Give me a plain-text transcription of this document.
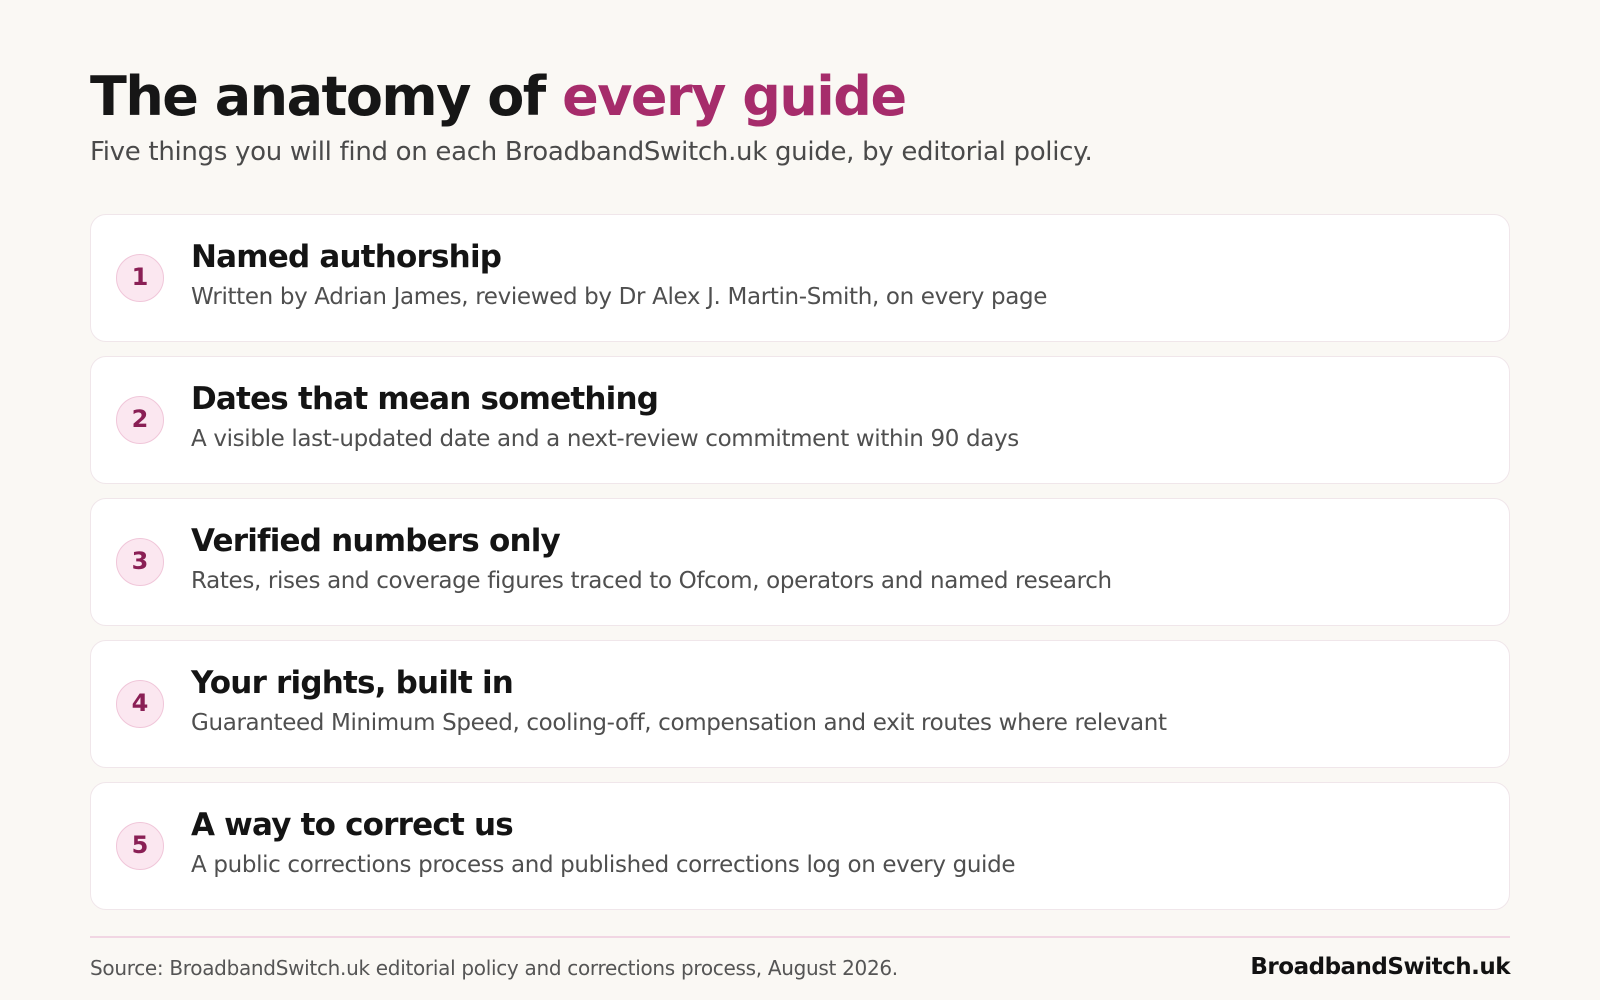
The anatomy of every guide

Five things you will find on each BroadbandSwitch.uk guide, by editorial policy.

1
Named authorship

Written by Adrian James, reviewed by Dr Alex J. Martin-Smith, on every page

2
Dates that mean something

A visible last-updated date and a next-review commitment within 90 days

3
Verified numbers only

Rates, rises and coverage figures traced to Ofcom, operators and named research

4
Your rights, built in

Guaranteed Minimum Speed, cooling-off, compensation and exit routes where relevant

5
A way to correct us

A public corrections process and published corrections log on every guide

Source: BroadbandSwitch.uk editorial policy and corrections process, August 2026.	BroadbandSwitch.uk
